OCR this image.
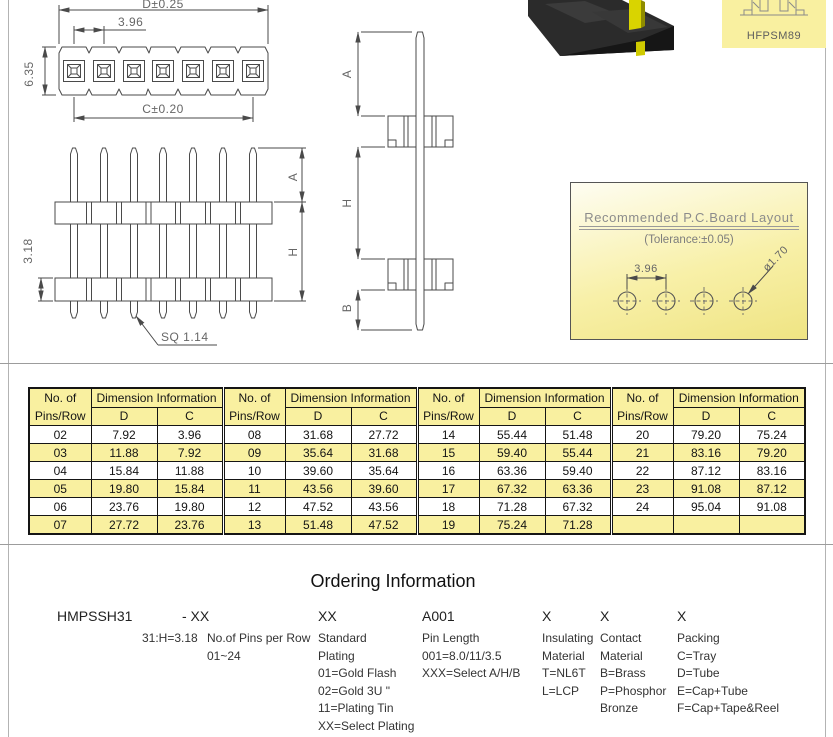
D±0.25
3.96
6.35
C±0.20
A
H
3.18
SQ 1.14
A
H
B
HFPSM89
Recommended P.C.Board Layout
(Tolerance:±0.05)
3.96	ø1.70
No. of
Pins/Row
	Dimension Information	No. of
Pins/Row
	Dimension Information	No. of
Pins/Row
	Dimension Information	No. of
Pins/Row
	Dimension Information
	D	C		D	C		D	C		D	C
02	7.92	3.96	08	31.68	27.72	14	55.44	51.48	20	79.20	75.24
03	11.88	7.92	09	35.64	31.68	15	59.40	55.44	21	83.16	79.20
04	15.84	11.88	10	39.60	35.64	16	63.36	59.40	22	87.12	83.16
05	19.80	15.84	11	43.56	39.60	17	67.32	63.36	23	91.08	87.12
06	23.76	19.80	12	47.52	43.56	18	71.28	67.32	24	95.04	91.08
07	27.72	23.76	13	51.48	47.52	19	75.24	71.28			
Ordering Information
HMPSSH31
31:H=3.18
- XX
No.of Pins per Row
01~24
XX
Standard
Plating
01=Gold Flash
02=Gold 3U "
11=Plating Tin
XX=Select Plating
A001
Pin Length
001=8.0/11/3.5
XXX=Select A/H/B
X
Insulating
Material
T=NL6T
L=LCP
X
Contact
Material
B=Brass
P=Phosphor
Bronze
X
Packing
C=Tray
D=Tube
E=Cap+Tube
F=Cap+Tape&Reel
